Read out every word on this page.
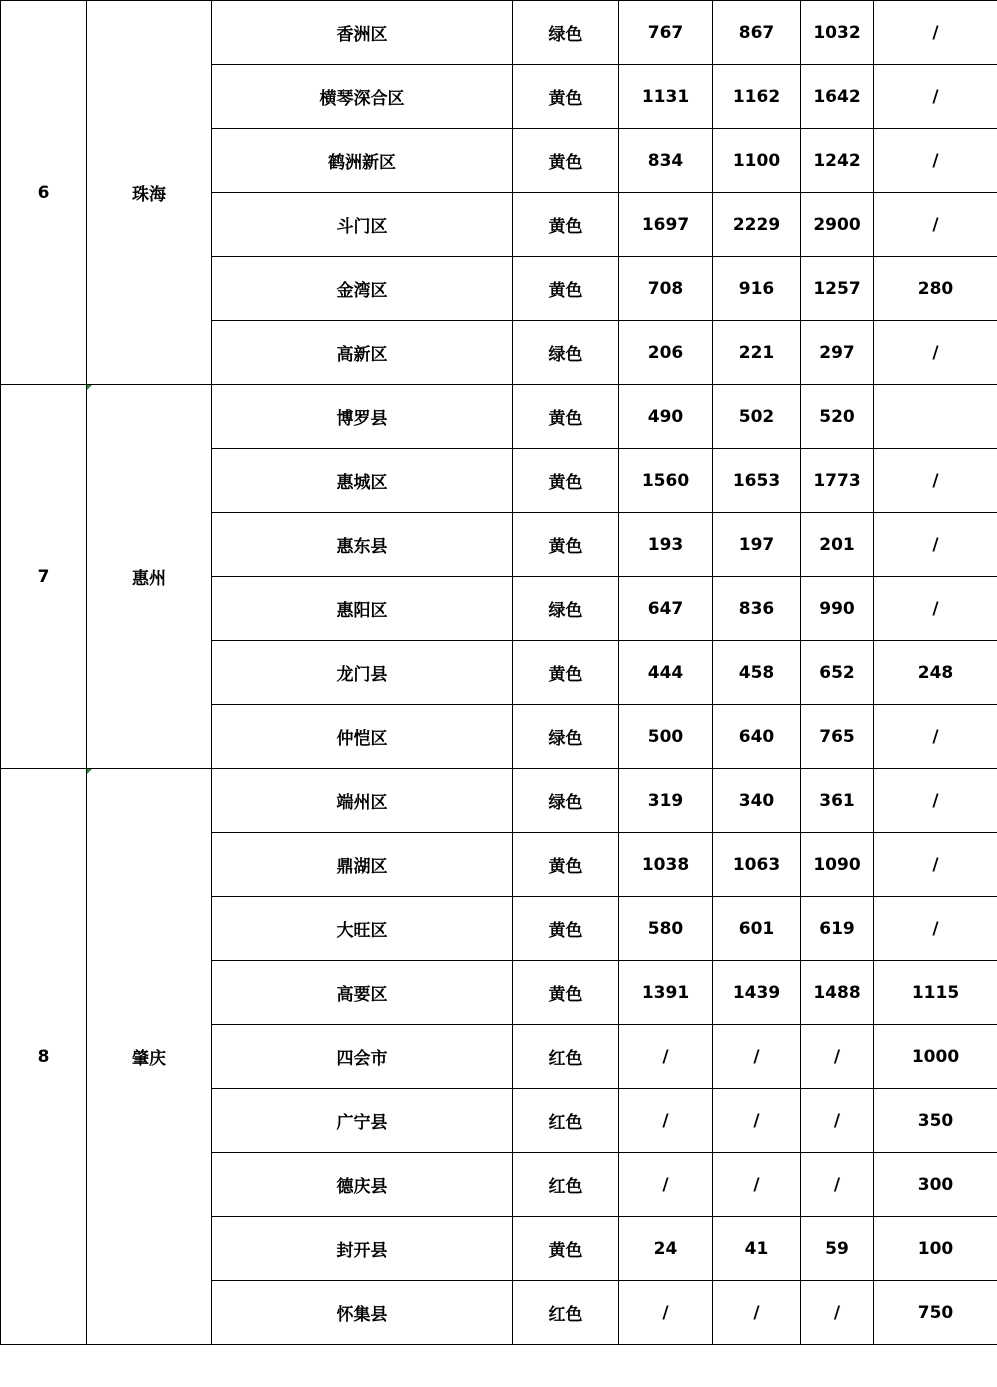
6	珠海	香洲区	绿色	767	867	1032	/
		横琴深合区	黄色	1131	1162	1642	/
		鹤洲新区	黄色	834	1100	1242	/
		斗门区	黄色	1697	2229	2900	/
		金湾区	黄色	708	916	1257	280
		高新区	绿色	206	221	297	/
7	惠州	博罗县	黄色	490	502	520	
		惠城区	黄色	1560	1653	1773	/
		惠东县	黄色	193	197	201	/
		惠阳区	绿色	647	836	990	/
		龙门县	黄色	444	458	652	248
		仲恺区	绿色	500	640	765	/
8	肇庆	端州区	绿色	319	340	361	/
		鼎湖区	黄色	1038	1063	1090	/
		大旺区	黄色	580	601	619	/
		高要区	黄色	1391	1439	1488	1115
		四会市	红色	/	/	/	1000
		广宁县	红色	/	/	/	350
		德庆县	红色	/	/	/	300
		封开县	黄色	24	41	59	100
		怀集县	红色	/	/	/	750
